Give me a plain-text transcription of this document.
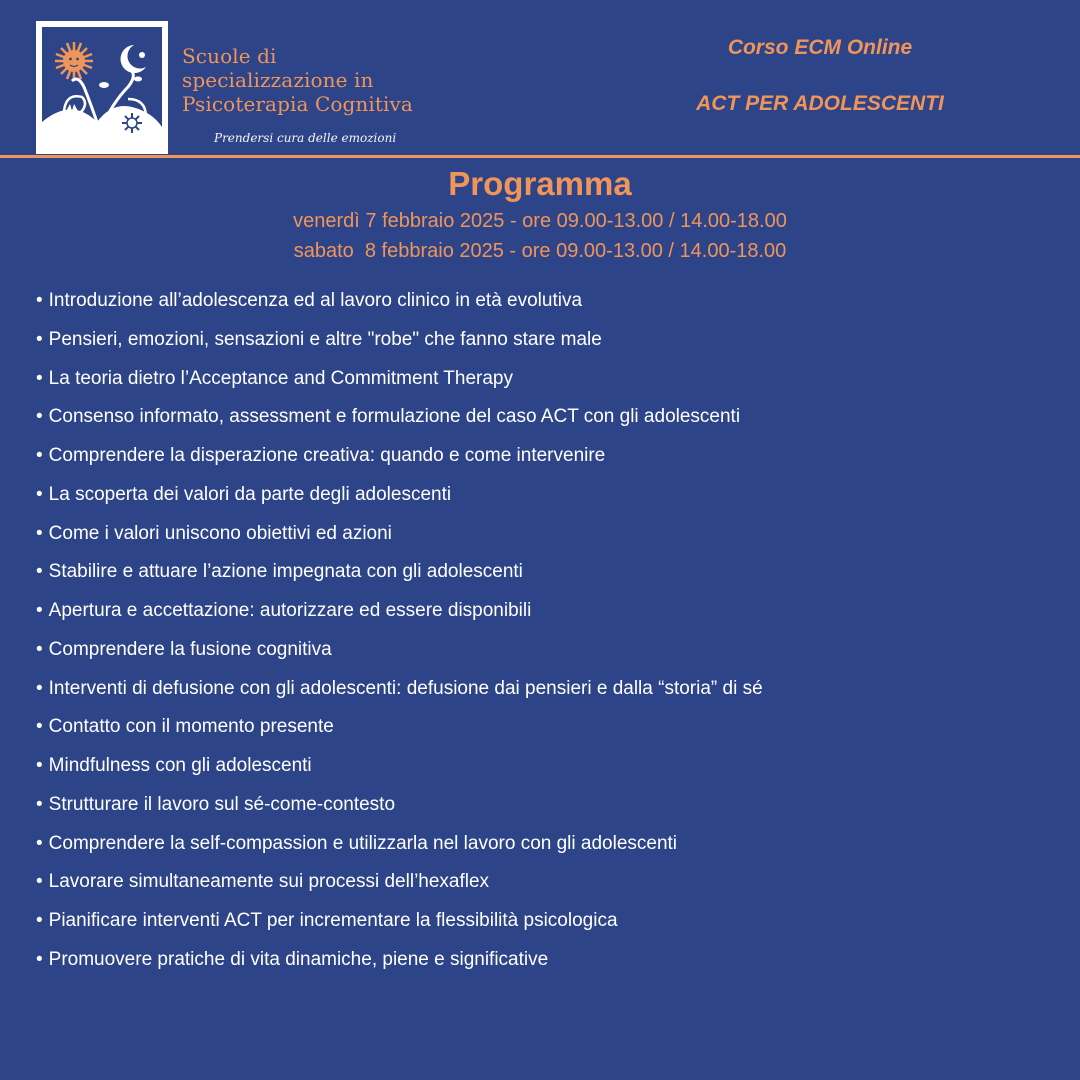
Scuole di
specializzazione in
Psicoterapia Cognitiva
Prendersi cura delle emozioni
Corso ECM Online
ACT PER ADOLESCENTI
Programma
venerdì 7 febbraio 2025 - ore 09.00-13.00 / 14.00-18.00
sabato  8 febbraio 2025 - ore 09.00-13.00 / 14.00-18.00
• Introduzione all’adolescenza ed al lavoro clinico in età evolutiva
• Pensieri, emozioni, sensazioni e altre "robe" che fanno stare male
• La teoria dietro l’Acceptance and Commitment Therapy
• Consenso informato, assessment e formulazione del caso ACT con gli adolescenti
• Comprendere la disperazione creativa: quando e come intervenire
• La scoperta dei valori da parte degli adolescenti
• Come i valori uniscono obiettivi ed azioni
• Stabilire e attuare l’azione impegnata con gli adolescenti
• Apertura e accettazione: autorizzare ed essere disponibili
• Comprendere la fusione cognitiva
• Interventi di defusione con gli adolescenti: defusione dai pensieri e dalla “storia” di sé
• Contatto con il momento presente
• Mindfulness con gli adolescenti
• Strutturare il lavoro sul sé-come-contesto
• Comprendere la self-compassion e utilizzarla nel lavoro con gli adolescenti
• Lavorare simultaneamente sui processi dell’hexaflex
• Pianificare interventi ACT per incrementare la flessibilità psicologica
• Promuovere pratiche di vita dinamiche, piene e significative
